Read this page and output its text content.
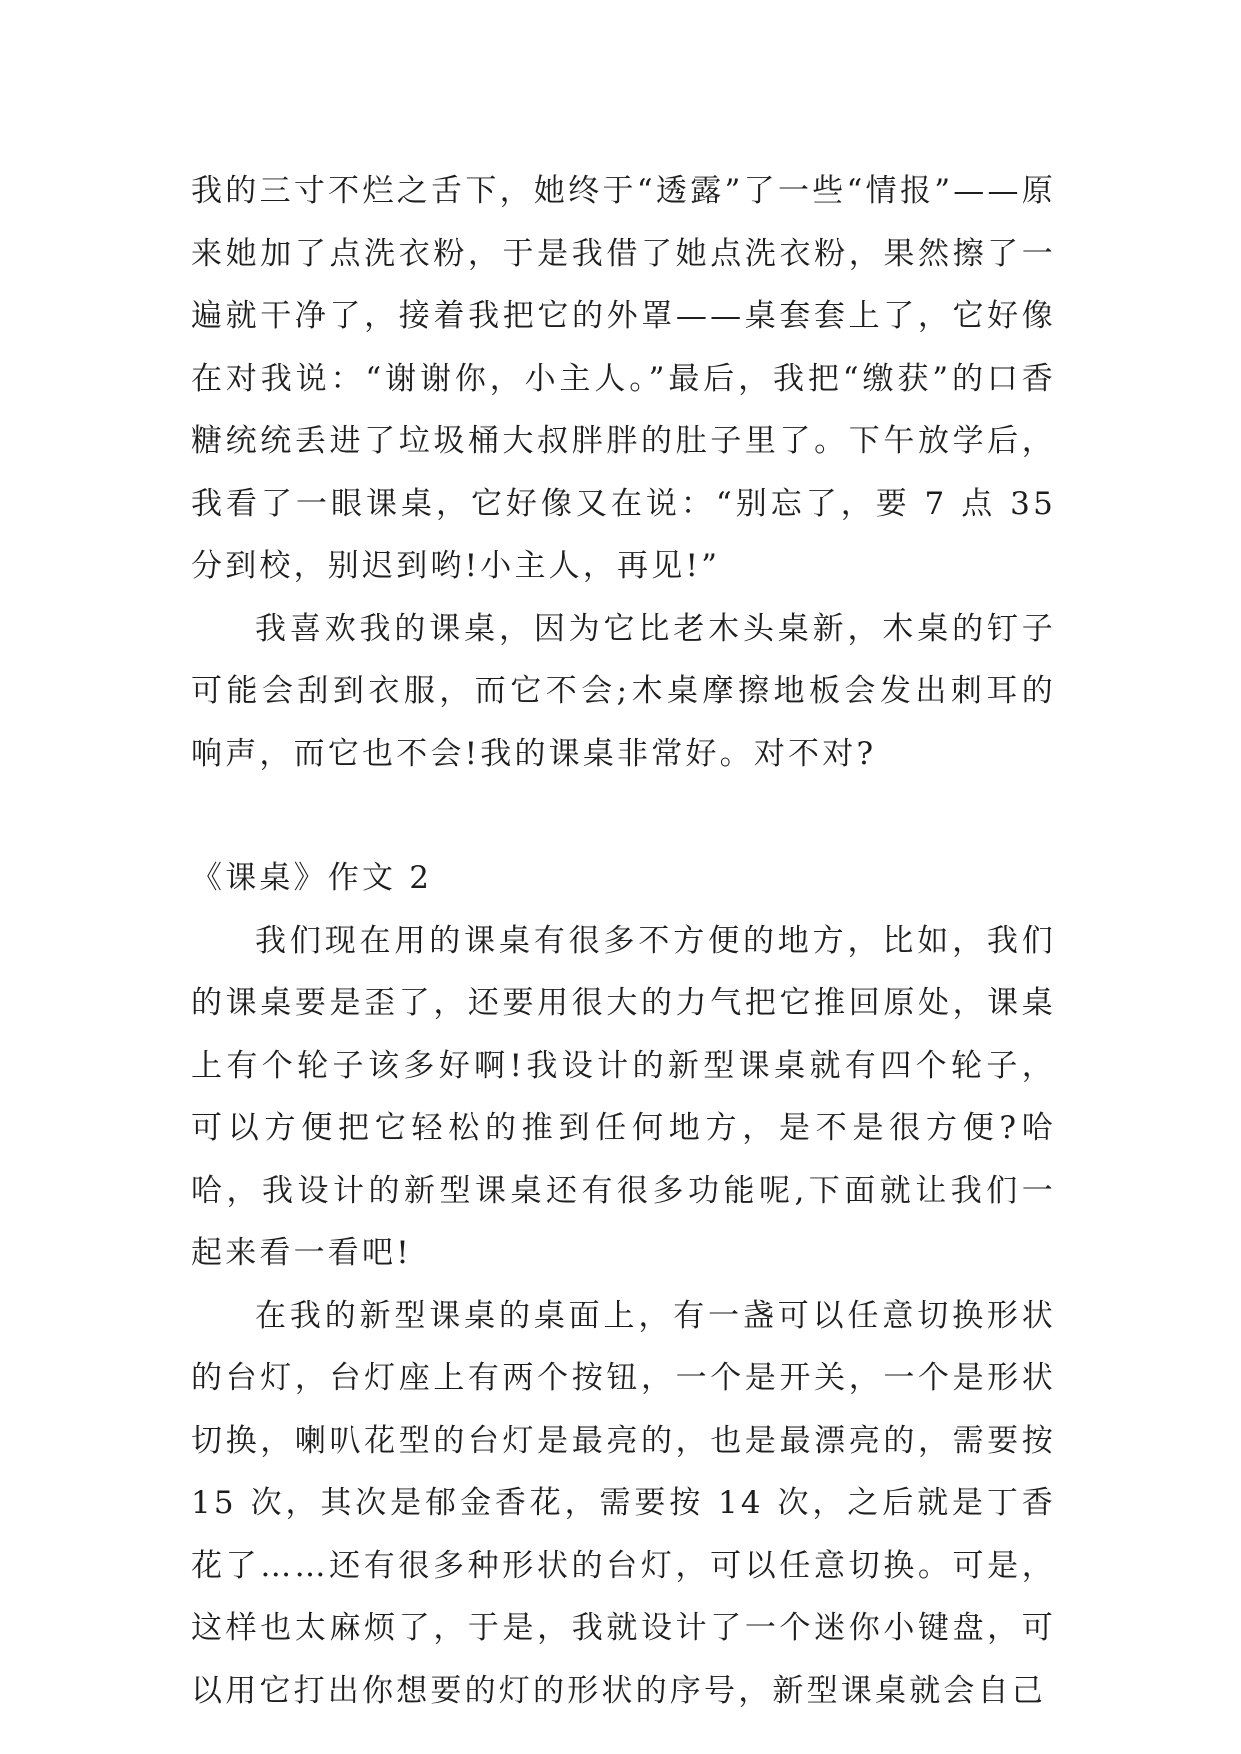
我的三寸不烂之舌下，她终于“透露”了一些“情报”——原来她加了点洗衣粉，于是我借了她点洗衣粉，果然擦了一遍就干净了，接着我把它的外罩——桌套套上了，它好像在对我说：“谢谢你，小主人。”最后，我把“缴获”的口香糖统统丢进了垃圾桶大叔胖胖的肚子里了。下午放学后，我看了一眼课桌，它好像又在说：“别忘了，要 7 点 35 分到校，别迟到哟!小主人，再见!”

我喜欢我的课桌，因为它比老木头桌新，木桌的钉子可能会刮到衣服，而它不会;木桌摩擦地板会发出刺耳的响声，而它也不会!我的课桌非常好。对不对?

《课桌》作文 2

我们现在用的课桌有很多不方便的地方，比如，我们的课桌要是歪了，还要用很大的力气把它推回原处，课桌上有个轮子该多好啊!我设计的新型课桌就有四个轮子，可以方便把它轻松的推到任何地方，是不是很方便?哈哈，我设计的新型课桌还有很多功能呢,下面就让我们一起来看一看吧!

在我的新型课桌的桌面上，有一盏可以任意切换形状的台灯，台灯座上有两个按钮，一个是开关，一个是形状切换，喇叭花型的台灯是最亮的，也是最漂亮的，需要按 15 次，其次是郁金香花，需要按 14 次，之后就是丁香花了……还有很多种形状的台灯，可以任意切换。可是，这样也太麻烦了，于是，我就设计了一个迷你小键盘，可以用它打出你想要的灯的形状的序号，新型课桌就会自己
